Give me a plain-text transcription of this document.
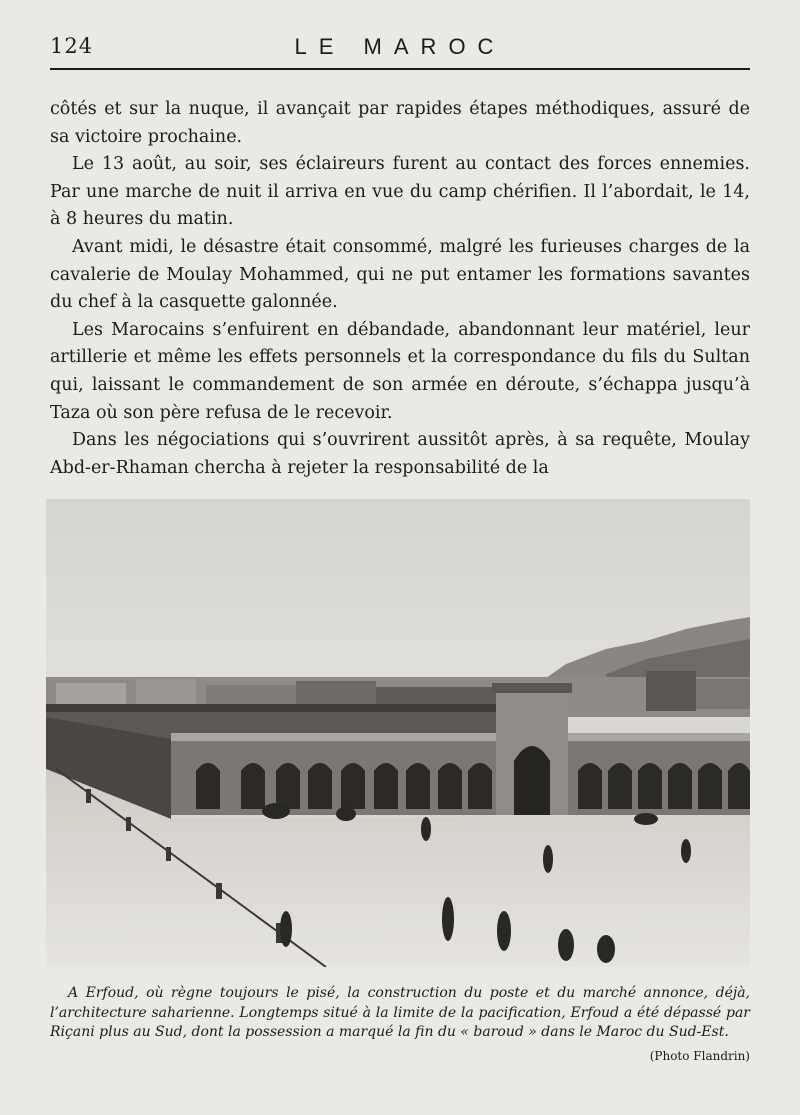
124	LE MAROC

côtés et sur la nuque, il avançait par rapides étapes méthodiques, assuré de sa victoire prochaine.

Le 13 août, au soir, ses éclaireurs furent au contact des forces ennemies. Par une marche de nuit il arriva en vue du camp chérifien. Il l’abordait, le 14, à 8 heures du matin.

Avant midi, le désastre était consommé, malgré les furieuses charges de la cavalerie de Moulay Mohammed, qui ne put entamer les formations savantes du chef à la casquette galonnée.

Les Marocains s’enfuirent en débandade, abandonnant leur matériel, leur artillerie et même les effets personnels et la correspondance du fils du Sultan qui, laissant le commandement de son armée en déroute, s’échappa jusqu’à Taza où son père refusa de le recevoir.

Dans les négociations qui s’ouvrirent aussitôt après, à sa requête, Moulay Abd-er-Rhaman chercha à rejeter la responsabilité de la

A Erfoud, où règne toujours le pisé, la construction du poste et du marché annonce, déjà, l’architecture saharienne. Longtemps situé à la limite de la pacification, Erfoud a été dépassé par Riçani plus au Sud, dont la possession a marqué la fin du « baroud » dans le Maroc du Sud-Est.
(Photo Flandrin)
